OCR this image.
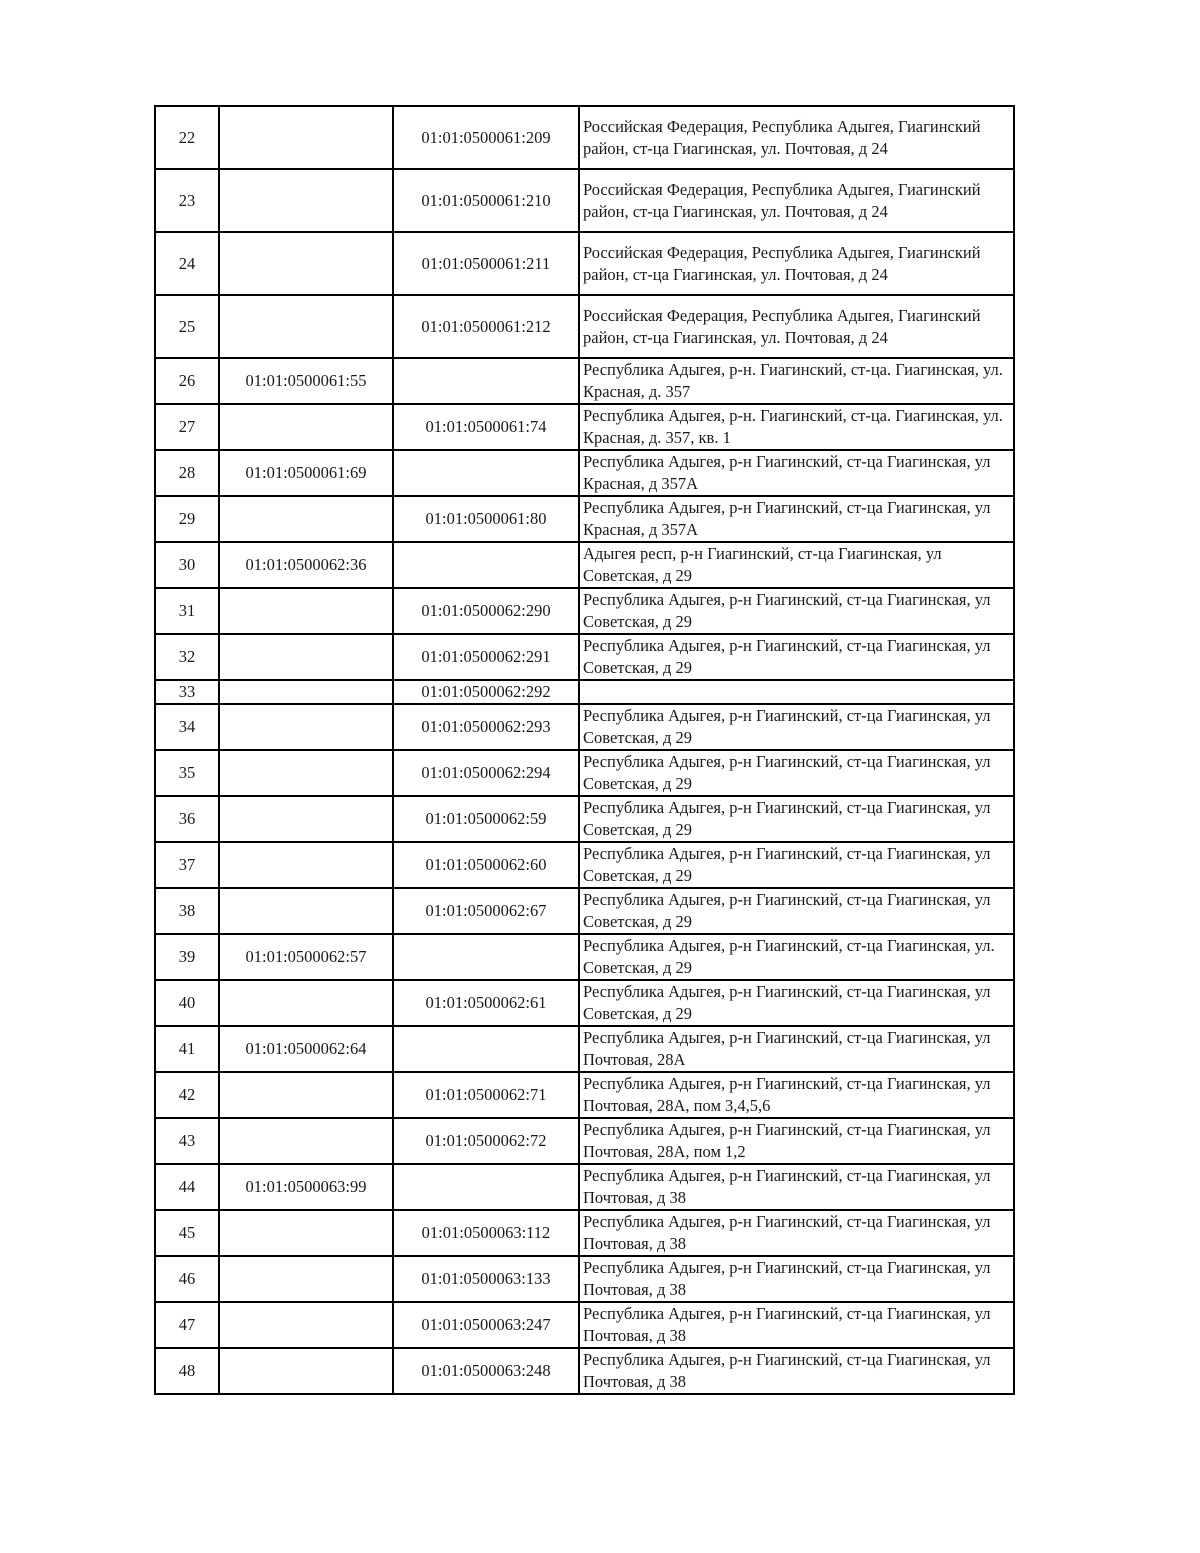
22		01:01:0500061:209	Российская Федерация, Республика Адыгея, Гиагинский район, ст-ца Гиагинская, ул. Почтовая, д 24
23		01:01:0500061:210	Российская Федерация, Республика Адыгея, Гиагинский район, ст-ца Гиагинская, ул. Почтовая, д 24
24		01:01:0500061:211	Российская Федерация, Республика Адыгея, Гиагинский район, ст-ца Гиагинская, ул. Почтовая, д 24
25		01:01:0500061:212	Российская Федерация, Республика Адыгея, Гиагинский район, ст-ца Гиагинская, ул. Почтовая, д 24
26	01:01:0500061:55		Республика Адыгея, р-н. Гиагинский, ст-ца. Гиагинская, ул. Красная, д. 357
27		01:01:0500061:74	Республика Адыгея, р-н. Гиагинский, ст-ца. Гиагинская, ул. Красная, д. 357, кв. 1
28	01:01:0500061:69		Республика Адыгея, р-н Гиагинский, ст-ца Гиагинская, ул Красная, д 357А
29		01:01:0500061:80	Республика Адыгея, р-н Гиагинский, ст-ца Гиагинская, ул Красная, д 357А
30	01:01:0500062:36		Адыгея респ, р-н Гиагинский, ст-ца Гиагинская, ул Советская, д 29
31		01:01:0500062:290	Республика Адыгея, р-н Гиагинский, ст-ца Гиагинская, ул Советская, д 29
32		01:01:0500062:291	Республика Адыгея, р-н Гиагинский, ст-ца Гиагинская, ул Советская, д 29
33		01:01:0500062:292	
34		01:01:0500062:293	Республика Адыгея, р-н Гиагинский, ст-ца Гиагинская, ул Советская, д 29
35		01:01:0500062:294	Республика Адыгея, р-н Гиагинский, ст-ца Гиагинская, ул Советская, д 29
36		01:01:0500062:59	Республика Адыгея, р-н Гиагинский, ст-ца Гиагинская, ул Советская, д 29
37		01:01:0500062:60	Республика Адыгея, р-н Гиагинский, ст-ца Гиагинская, ул Советская, д 29
38		01:01:0500062:67	Республика Адыгея, р-н Гиагинский, ст-ца Гиагинская, ул Советская, д 29
39	01:01:0500062:57		Республика Адыгея, р-н Гиагинский, ст-ца Гиагинская, ул. Советская, д 29
40		01:01:0500062:61	Республика Адыгея, р-н Гиагинский, ст-ца Гиагинская, ул Советская, д 29
41	01:01:0500062:64		Республика Адыгея, р-н Гиагинский, ст-ца Гиагинская, ул Почтовая, 28А
42		01:01:0500062:71	Республика Адыгея, р-н Гиагинский, ст-ца Гиагинская, ул Почтовая, 28А, пом 3,4,5,6
43		01:01:0500062:72	Республика Адыгея, р-н Гиагинский, ст-ца Гиагинская, ул Почтовая, 28А, пом 1,2
44	01:01:0500063:99		Республика Адыгея, р-н Гиагинский, ст-ца Гиагинская, ул Почтовая, д 38
45		01:01:0500063:112	Республика Адыгея, р-н Гиагинский, ст-ца Гиагинская, ул Почтовая, д 38
46		01:01:0500063:133	Республика Адыгея, р-н Гиагинский, ст-ца Гиагинская, ул Почтовая, д 38
47		01:01:0500063:247	Республика Адыгея, р-н Гиагинский, ст-ца Гиагинская, ул Почтовая, д 38
48		01:01:0500063:248	Республика Адыгея, р-н Гиагинский, ст-ца Гиагинская, ул Почтовая, д 38
